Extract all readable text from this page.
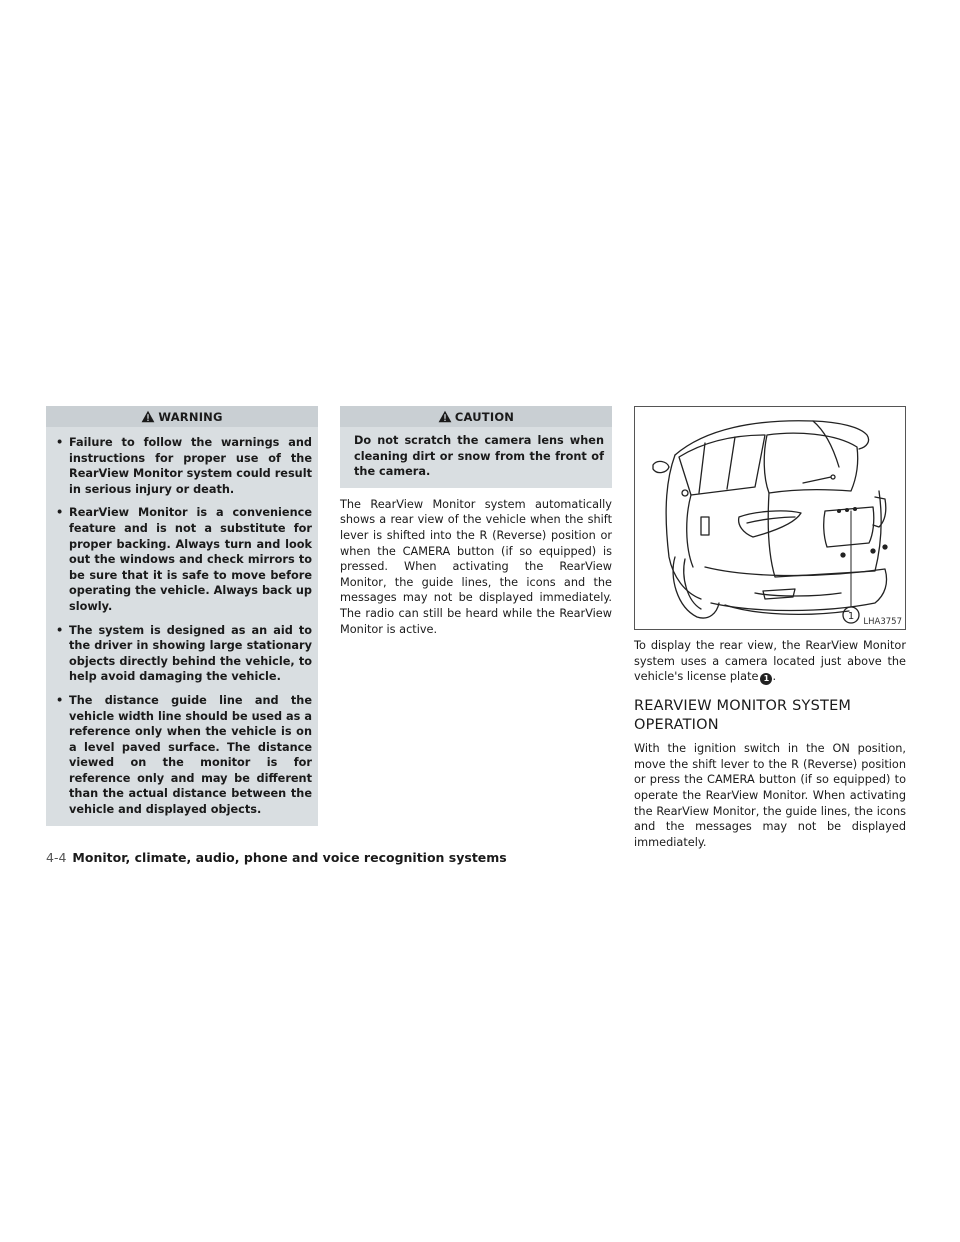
WARNING
• Failure to follow the warnings and instructions for proper use of the RearView Monitor system could result in serious injury or death.
• RearView Monitor is a convenience feature and is not a substitute for proper backing. Always turn and look out the windows and check mirrors to be sure that it is safe to move before operating the vehicle. Always back up slowly.
• The system is designed as an aid to the driver in showing large stationary objects directly behind the vehicle, to help avoid damaging the vehicle.
• The distance guide line and the vehicle width line should be used as a reference only when the vehicle is on a level paved surface. The distance viewed on the monitor is for reference only and may be different than the actual distance between the vehicle and displayed objects.
CAUTION
Do not scratch the camera lens when cleaning dirt or snow from the front of the camera.

The RearView Monitor system automatically shows a rear view of the vehicle when the shift lever is shifted into the R (Reverse) position or when the CAMERA button (if so equipped) is pressed. When activating the RearView Monitor, the guide lines, the icons and the messages may not be displayed immediately. The radio can still be heard while the RearView Monitor is active.

1 LHA3757

To display the rear view, the RearView Monitor system uses a camera located just above the vehicle's license plate 1 .

REARVIEW MONITOR SYSTEM OPERATION

With the ignition switch in the ON position, move the shift lever to the R (Reverse) position or press the CAMERA button (if so equipped) to operate the RearView Monitor. When activating the RearView Monitor, the guide lines, the icons and the messages may not be displayed immediately.

4-4 Monitor, climate, audio, phone and voice recognition systems
